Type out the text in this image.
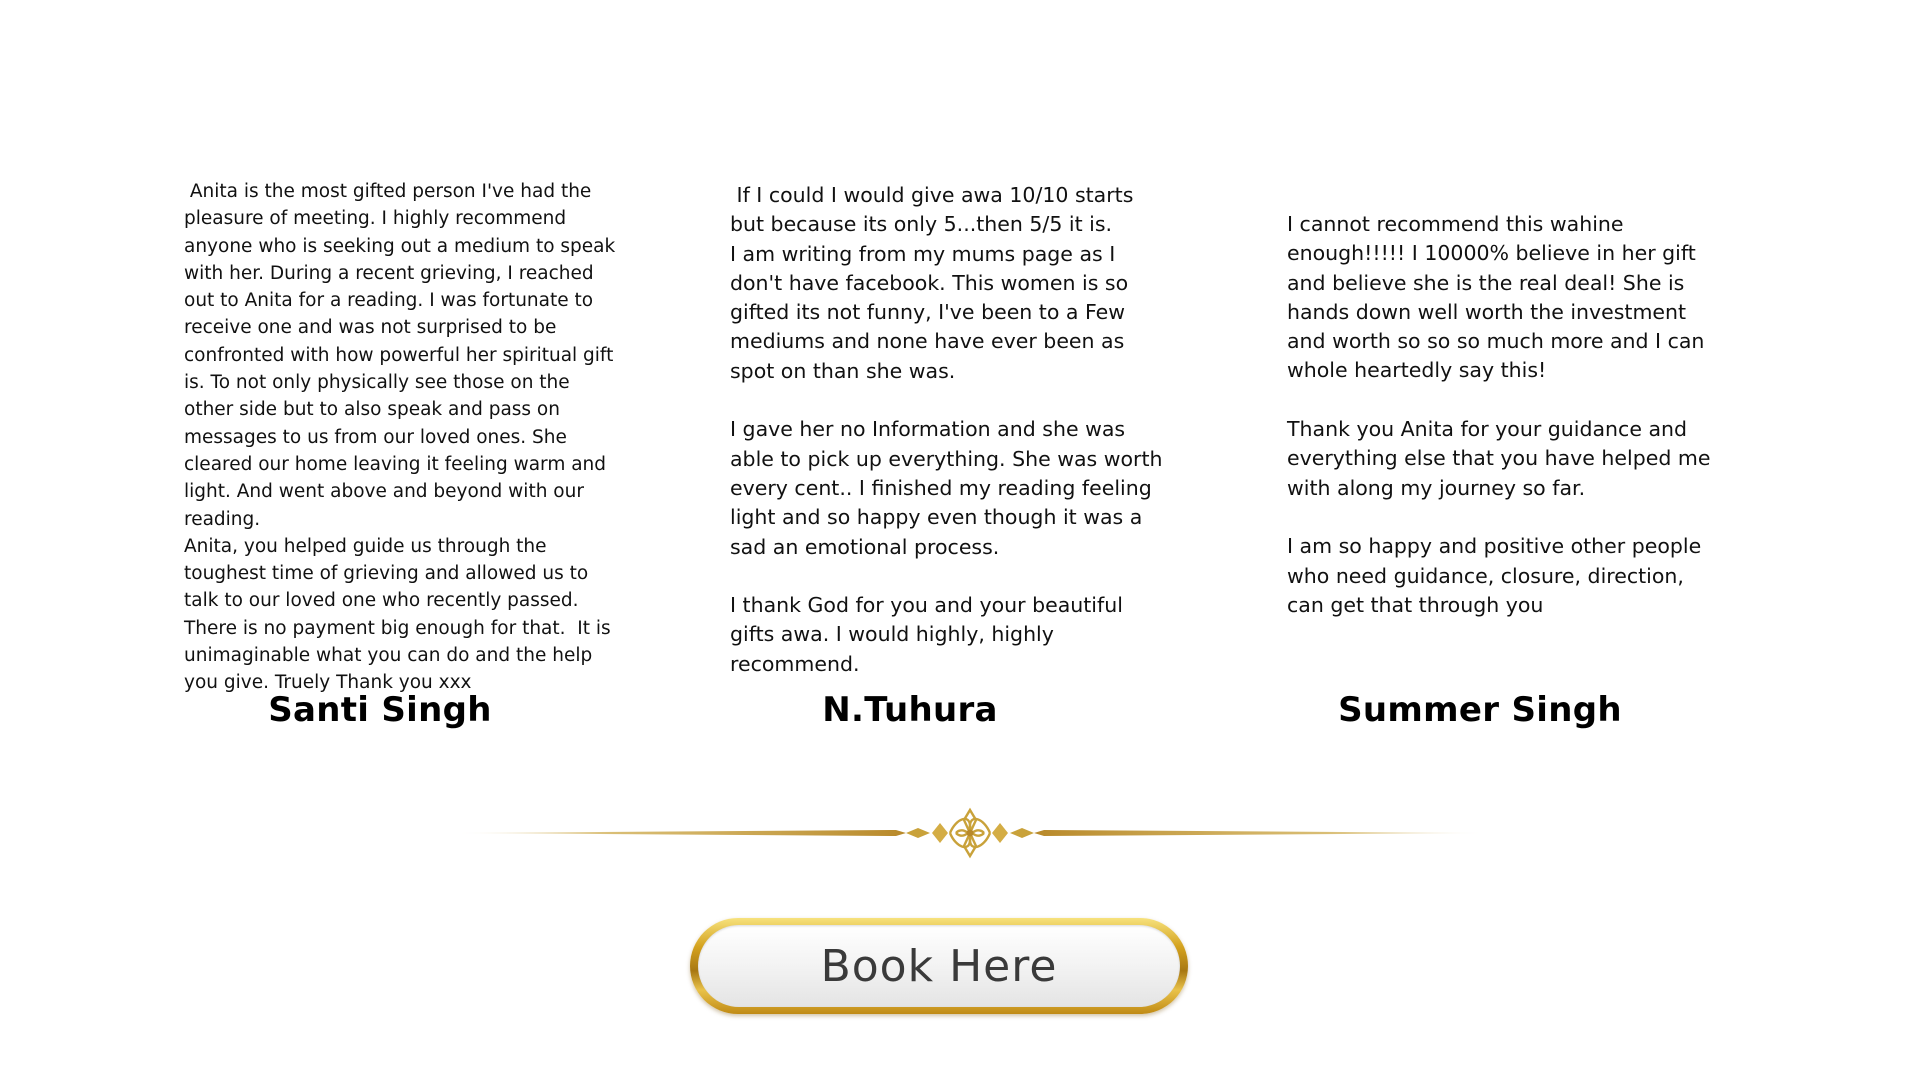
Anita is the most gifted person I've had the pleasure of meeting. I highly recommend anyone who is seeking out a medium to speak with her. During a recent grieving, I reached out to Anita for a reading. I was fortunate to receive one and was not surprised to be confronted with how powerful her spiritual gift is. To not only physically see those on the other side but to also speak and pass on messages to us from our loved ones. She cleared our home leaving it feeling warm and light. And went above and beyond with our reading.
Anita, you helped guide us through the toughest time of grieving and allowed us to talk to our loved one who recently passed. There is no payment big enough for that.  It is unimaginable what you can do and the help you give. Truely Thank you xxx
If I could I would give awa 10/10 starts but because its only 5...then 5/5 it is.
I am writing from my mums page as I don't have facebook. This women is so gifted its not funny, I've been to a Few mediums and none have ever been as spot on than she was.

I gave her no Information and she was able to pick up everything. She was worth every cent.. I finished my reading feeling light and so happy even though it was a sad an emotional process.

I thank God for you and your beautiful gifts awa. I would highly, highly recommend.
I cannot recommend this wahine enough!!!!! I 10000% believe in her gift and believe she is the real deal! She is hands down well worth the investment and worth so so so much more and I can whole heartedly say this!

Thank you Anita for your guidance and everything else that you have helped me with along my journey so far.

I am so happy and positive other people who need guidance, closure, direction, can get that through you
Santi Singh	N.Tuhura	Summer Singh
Book Here
